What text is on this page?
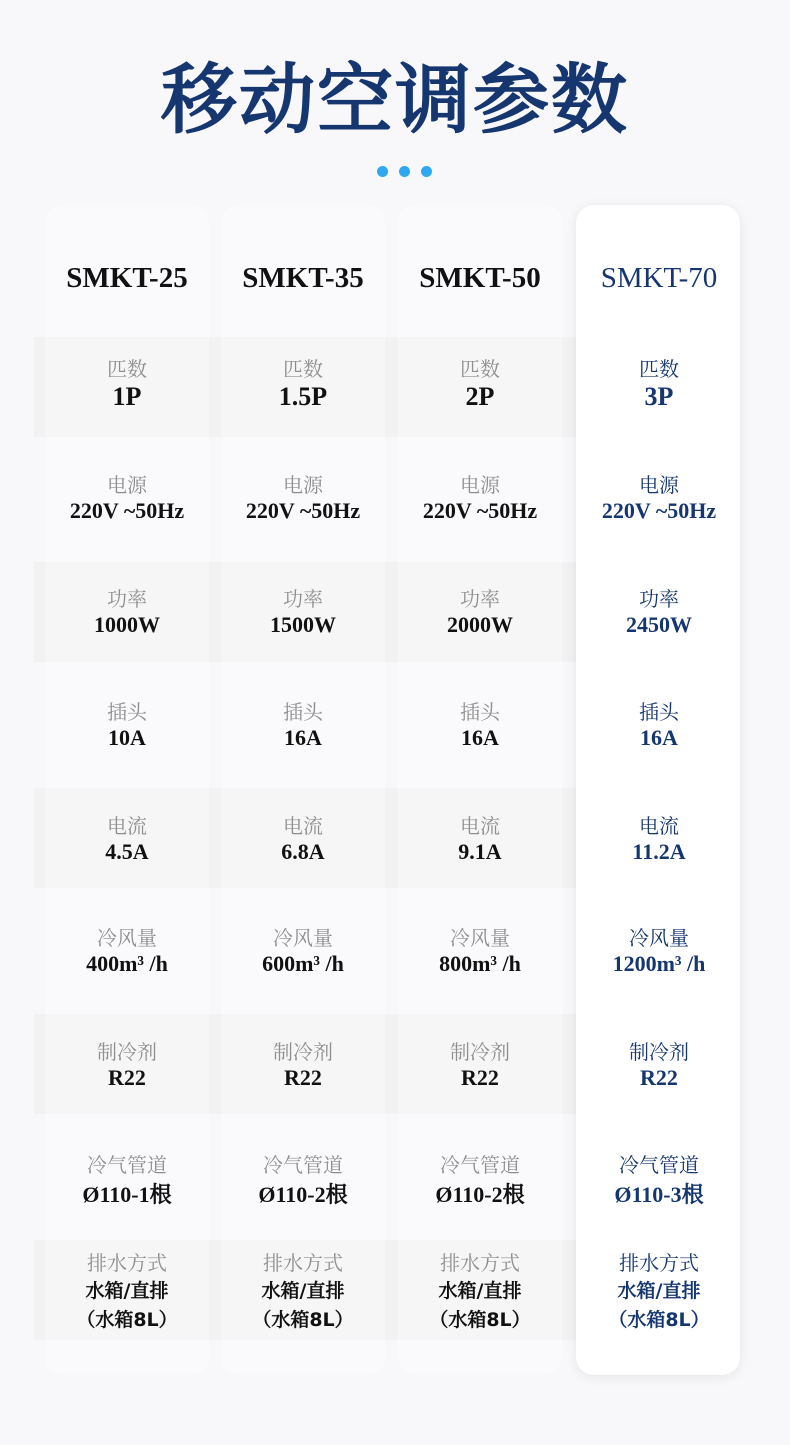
移动空调参数
SMKT-25	SMKT-35	SMKT-50	SMKT-70
匹数	匹数	匹数	匹数
1P	1.5P	2P	3P
电源	电源	电源	电源
220V ~50Hz	220V ~50Hz	220V ~50Hz	220V ~50Hz
功率	功率	功率	功率
1000W	1500W	2000W	2450W
插头	插头	插头	插头
10A	16A	16A	16A
电流	电流	电流	电流
4.5A	6.8A	9.1A	11.2A
冷风量	冷风量	冷风量	冷风量
400m³ /h	600m³ /h	800m³ /h	1200m³ /h
制冷剂	制冷剂	制冷剂	制冷剂
R22	R22	R22	R22
冷气管道	冷气管道	冷气管道	冷气管道
Ø110-1根	Ø110-2根	Ø110-2根	Ø110-3根
排水方式	排水方式	排水方式	排水方式
水箱/直排	水箱/直排	水箱/直排	水箱/直排
（水箱8L）	（水箱8L）	（水箱8L）	（水箱8L）
